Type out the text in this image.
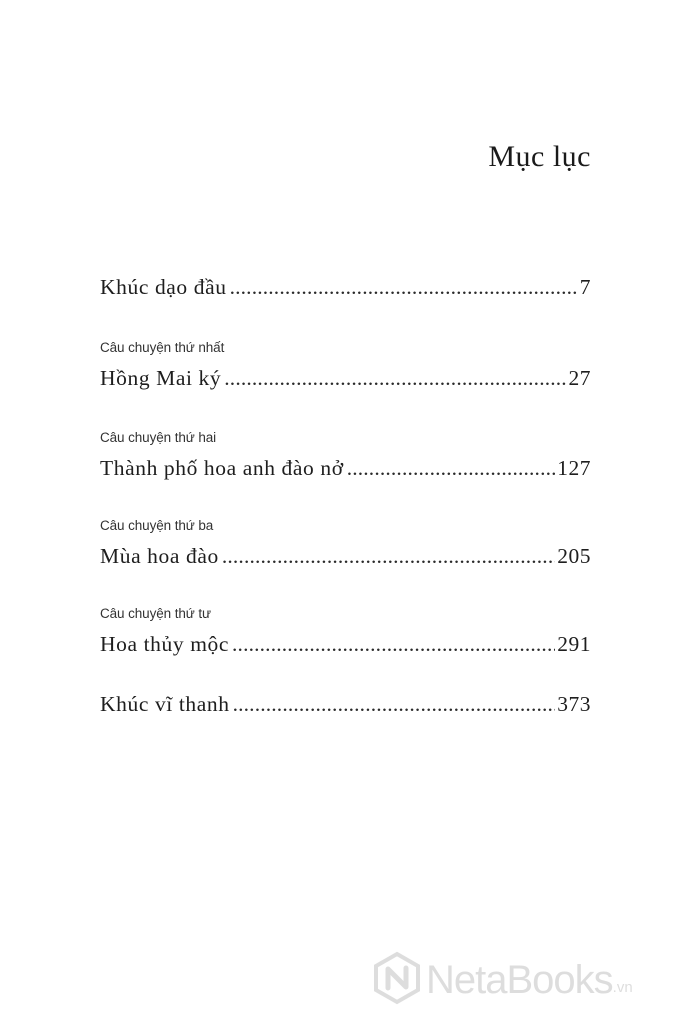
Mục lục
Khúc dạo đầu .....	7
Câu chuyện thứ nhất
Hồng Mai ký .....	27
Câu chuyện thứ hai
Thành phố hoa anh đào nở .....	127
Câu chuyện thứ ba
Mùa hoa đào .....	205
Câu chuyện thứ tư
Hoa thủy mộc .....	291
Khúc vĩ thanh .....	373
NetaBooks .vn
